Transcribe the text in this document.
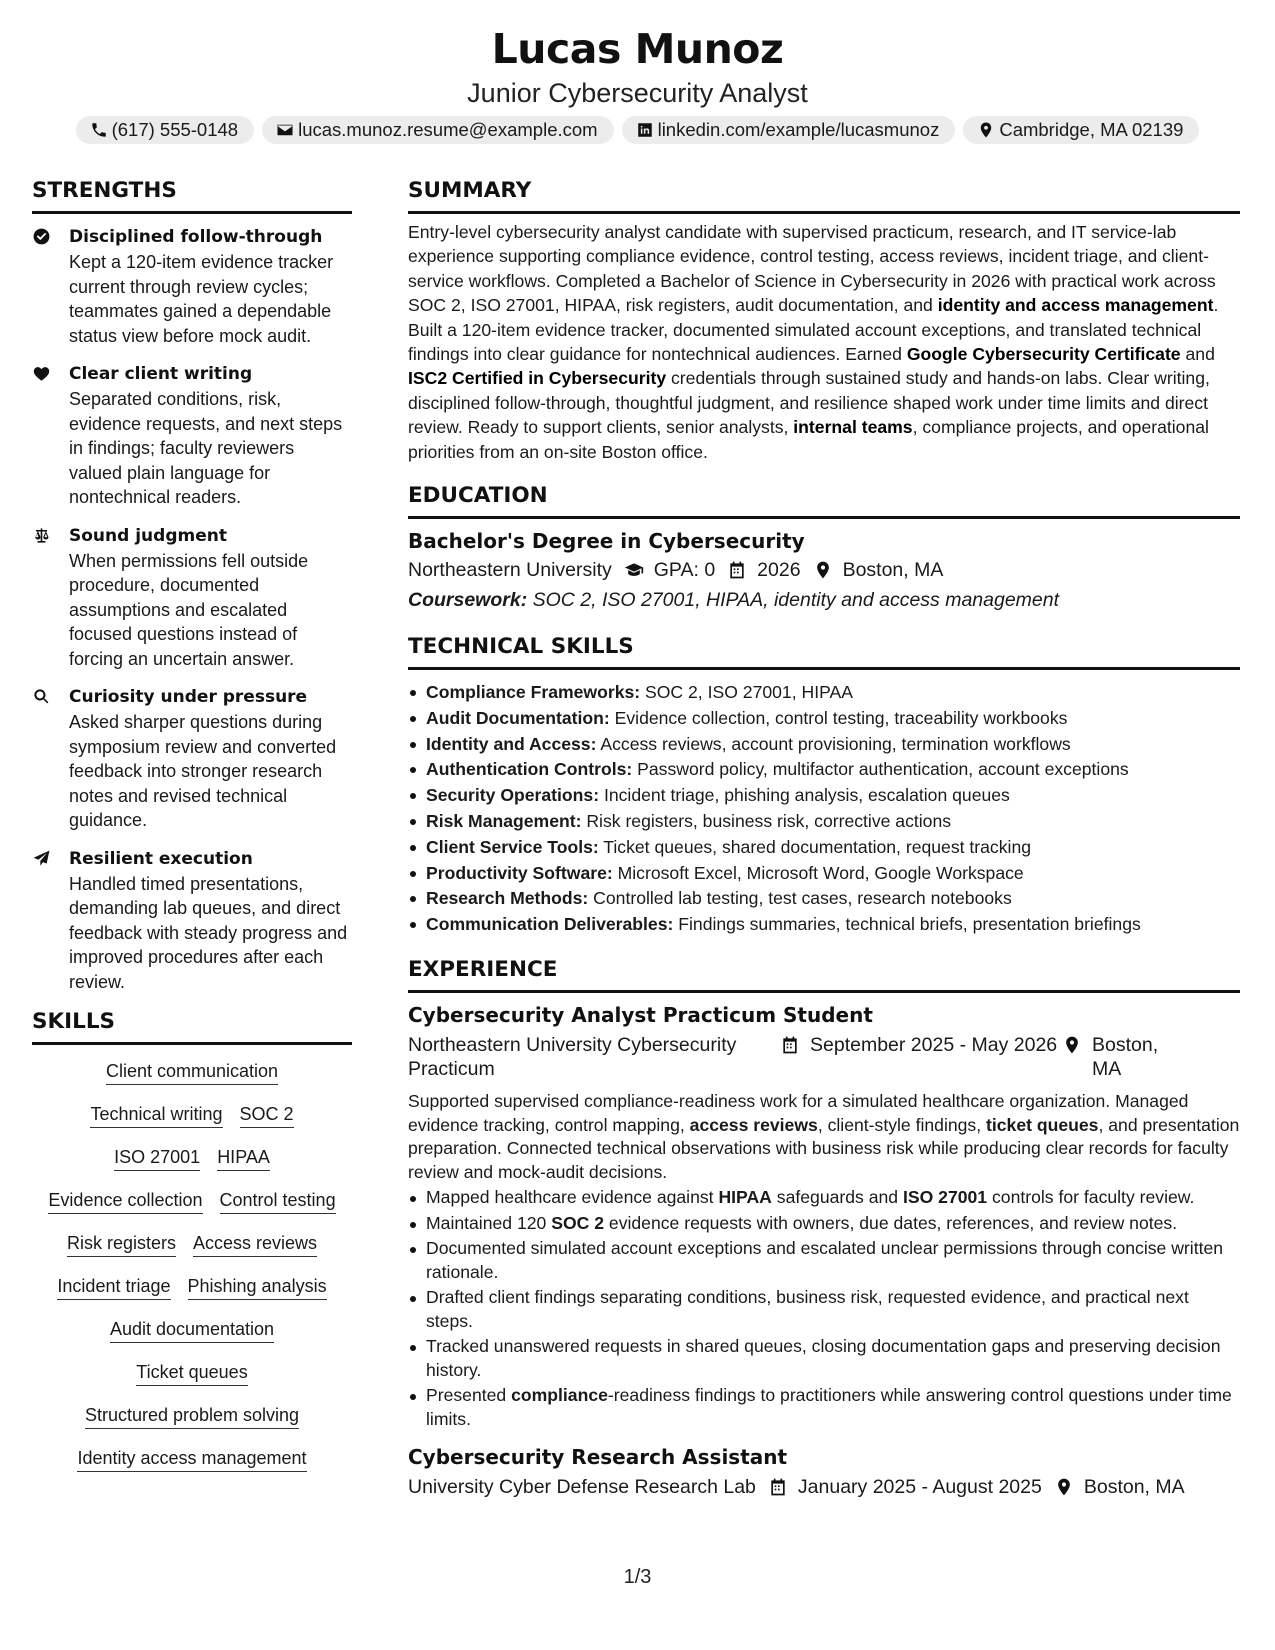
Lucas Munoz
Junior Cybersecurity Analyst
(617) 555-0148	lucas.munoz.resume@example.com	linkedin.com/example/lucasmunoz	Cambridge, MA 02139
STRENGTHS
Disciplined follow-through
Kept a 120-item evidence tracker current through review cycles; teammates gained a dependable status view before mock audit.
Clear client writing
Separated conditions, risk, evidence requests, and next steps in findings; faculty reviewers valued plain language for nontechnical readers.
Sound judgment
When permissions fell outside procedure, documented assumptions and escalated focused questions instead of forcing an uncertain answer.
Curiosity under pressure
Asked sharper questions during symposium review and converted feedback into stronger research notes and revised technical guidance.
Resilient execution
Handled timed presentations, demanding lab queues, and direct feedback with steady progress and improved procedures after each review.
SKILLS
Client communication
Technical writing SOC 2
ISO 27001 HIPAA
Evidence collection Control testing
Risk registers Access reviews
Incident triage Phishing analysis
Audit documentation
Ticket queues
Structured problem solving
Identity access management
SUMMARY
Entry-level cybersecurity analyst candidate with supervised practicum, research, and IT service-lab experience supporting compliance evidence, control testing, access reviews, incident triage, and client-service workflows. Completed a Bachelor of Science in Cybersecurity in 2026 with practical work across SOC 2, ISO 27001, HIPAA, risk registers, audit documentation, and identity and access management. Built a 120-item evidence tracker, documented simulated account exceptions, and translated technical findings into clear guidance for nontechnical audiences. Earned Google Cybersecurity Certificate and ISC2 Certified in Cybersecurity credentials through sustained study and hands-on labs. Clear writing, disciplined follow-through, thoughtful judgment, and resilience shaped work under time limits and direct review. Ready to support clients, senior analysts, internal teams, compliance projects, and operational priorities from an on-site Boston office.
EDUCATION
Bachelor's Degree in Cybersecurity
Northeastern University GPA: 0 2026 Boston, MA
Coursework: SOC 2, ISO 27001, HIPAA, identity and access management
TECHNICAL SKILLS
Compliance Frameworks: SOC 2, ISO 27001, HIPAA
Audit Documentation: Evidence collection, control testing, traceability workbooks
Identity and Access: Access reviews, account provisioning, termination workflows
Authentication Controls: Password policy, multifactor authentication, account exceptions
Security Operations: Incident triage, phishing analysis, escalation queues
Risk Management: Risk registers, business risk, corrective actions
Client Service Tools: Ticket queues, shared documentation, request tracking
Productivity Software: Microsoft Excel, Microsoft Word, Google Workspace
Research Methods: Controlled lab testing, test cases, research notebooks
Communication Deliverables: Findings summaries, technical briefs, presentation briefings
EXPERIENCE
Cybersecurity Analyst Practicum Student
Northeastern University Cybersecurity Practicum
September 2025 - May 2026 Boston, MA
Supported supervised compliance-readiness work for a simulated healthcare organization. Managed evidence tracking, control mapping, access reviews, client-style findings, ticket queues, and presentation preparation. Connected technical observations with business risk while producing clear records for faculty review and mock-audit decisions.
Mapped healthcare evidence against HIPAA safeguards and ISO 27001 controls for faculty review.
Maintained 120 SOC 2 evidence requests with owners, due dates, references, and review notes.
Documented simulated account exceptions and escalated unclear permissions through concise written rationale.
Drafted client findings separating conditions, business risk, requested evidence, and practical next steps.
Tracked unanswered requests in shared queues, closing documentation gaps and preserving decision history.
Presented compliance-readiness findings to practitioners while answering control questions under time limits.
Cybersecurity Research Assistant
University Cyber Defense Research Lab January 2025 - August 2025 Boston, MA
1/3
